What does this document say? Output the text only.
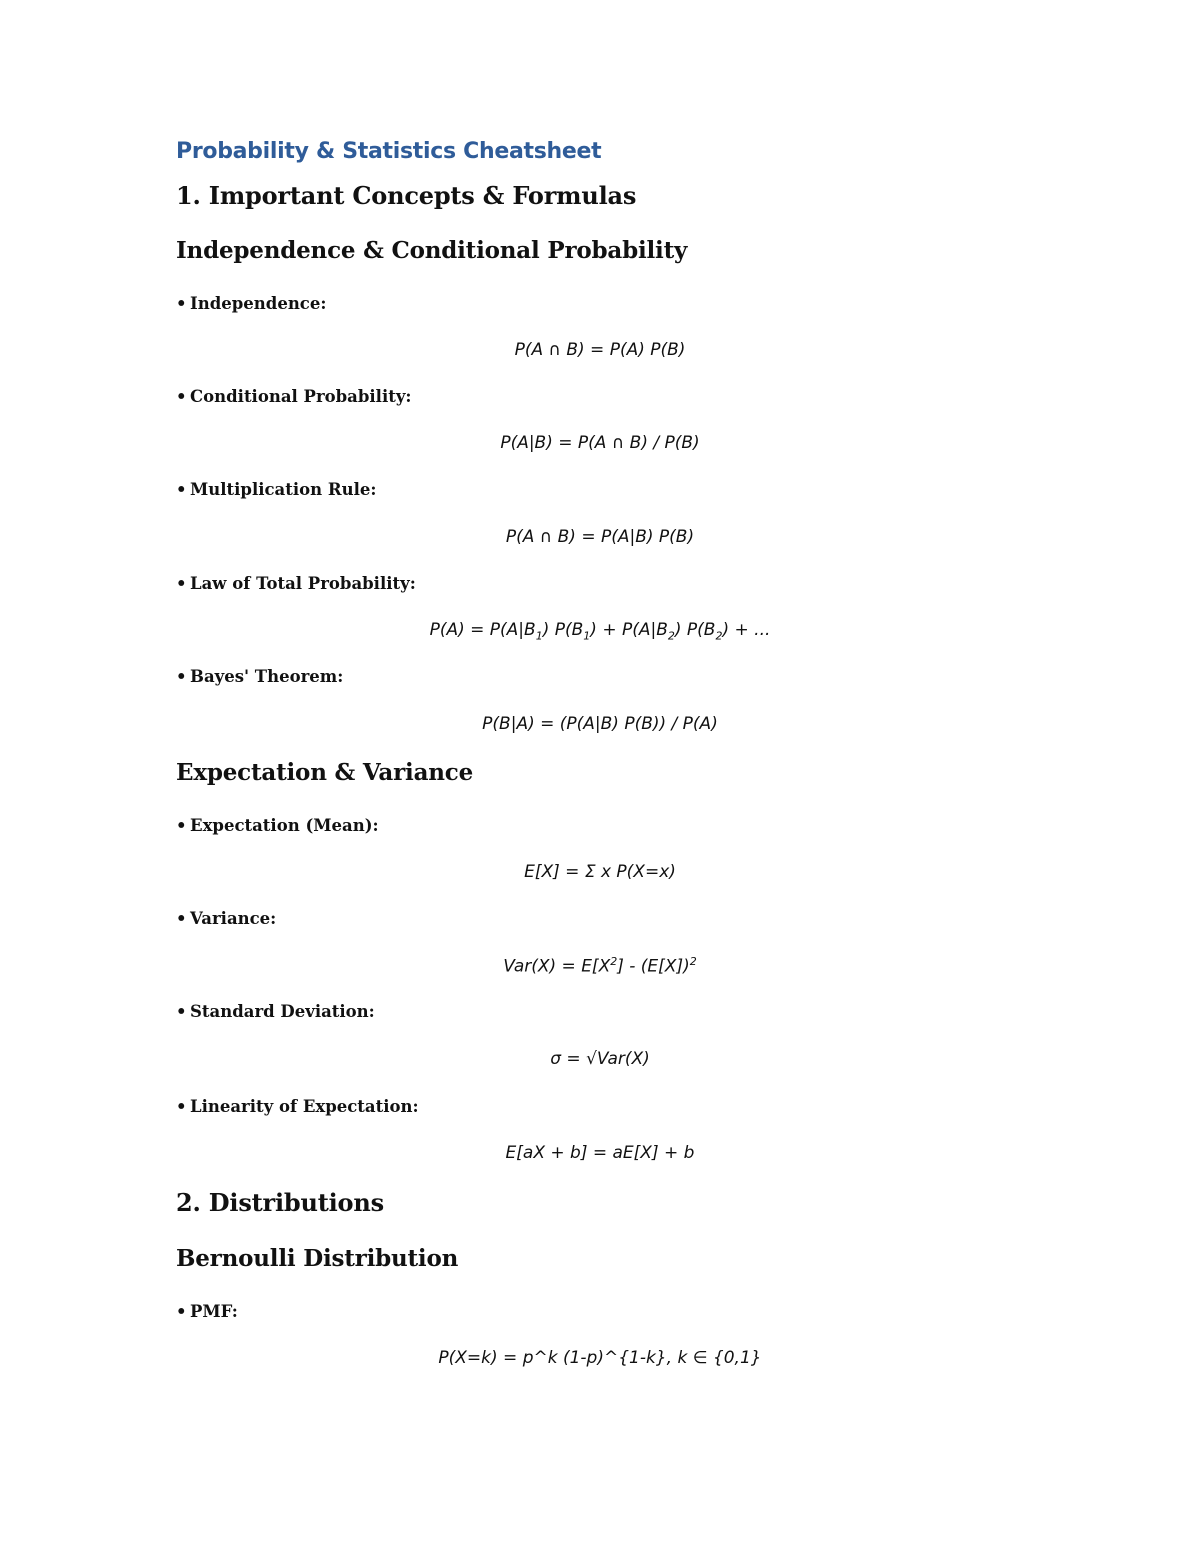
Probability & Statistics Cheatsheet
1. Important Concepts & Formulas
Independence & Conditional Probability
• Independence:
P(A ∩ B) = P(A) P(B)
• Conditional Probability:
P(A|B) = P(A ∩ B) / P(B)
• Multiplication Rule:
P(A ∩ B) = P(A|B) P(B)
• Law of Total Probability:
$P(A) = P(A|B_1) P(B_1) + P(A|B_2) P(B_2)$ + ...
• Bayes' Theorem:
P(B|A) = (P(A|B) P(B)) / P(A)
Expectation & Variance
• Expectation (Mean):
E[X] = Σ x P(X=x)
• Variance:
$Var(X) = E[X^2] - (E[X])^2$
• Standard Deviation:
σ = √Var(X)
• Linearity of Expectation:
E[aX + b] = aE[X] + b
2. Distributions
Bernoulli Distribution
• PMF:
P(X=k) = p^k (1-p)^{1-k}, k ∈ {0,1}
